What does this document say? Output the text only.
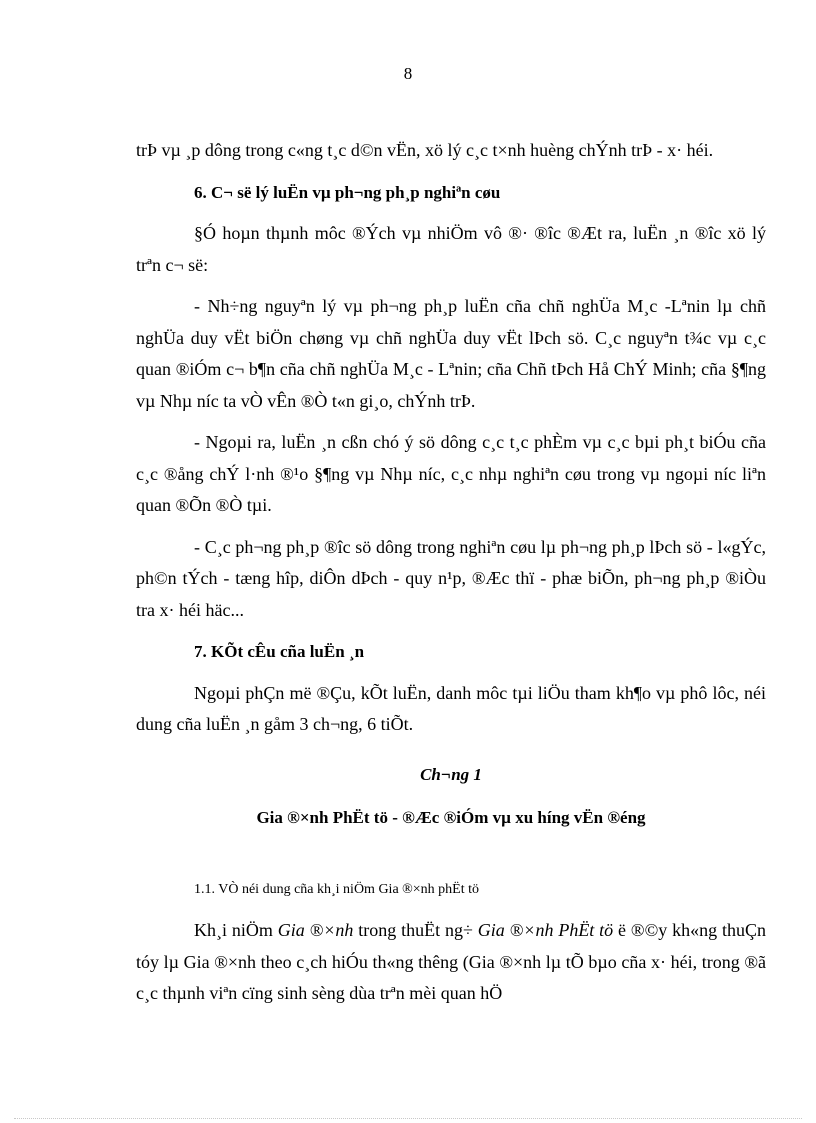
8

trÞ vµ ¸p dông trong c«ng t¸c d©n vËn, xö lý c¸c t×nh huèng chÝnh trÞ - x· héi.

6. C¬ së lý luËn vµ ph¬ng ph¸p nghiªn cøu

§Ó hoµn thµnh môc ®Ých vµ nhiÖm vô ®· ®îc ®Æt ra, luËn ¸n ®îc xö lý trªn c¬ së:

- Nh÷ng nguyªn lý vµ ph¬ng ph¸p luËn cña chñ nghÜa M¸c -Lªnin lµ chñ nghÜa duy vËt biÖn chøng vµ chñ nghÜa duy vËt lÞch sö. C¸c nguyªn t¾c vµ c¸c quan ®iÓm c¬ b¶n cña chñ nghÜa M¸c - Lªnin; cña Chñ tÞch Hå ChÝ Minh; cña §¶ng vµ Nhµ níc ta vÒ vÊn ®Ò t«n gi¸o, chÝnh trÞ.

- Ngoµi ra, luËn ¸n cßn chó ý sö dông c¸c t¸c phÈm vµ c¸c bµi ph¸t biÓu cña c¸c ®ång chÝ l·nh ®¹o §¶ng vµ Nhµ níc, c¸c nhµ nghiªn cøu trong vµ ngoµi níc liªn quan ®Õn ®Ò tµi.

- C¸c ph¬ng ph¸p ®îc sö dông trong nghiªn cøu lµ ph¬ng ph¸p lÞch sö - l«gÝc, ph©n tÝch - tæng hîp, diÔn dÞch - quy n¹p, ®Æc thï - phæ biÕn, ph¬ng ph¸p ®iÒu tra x· héi häc...

7. KÕt cÊu cña luËn ¸n

Ngoµi phÇn më ®Çu, kÕt luËn, danh môc tµi liÖu tham kh¶o vµ phô lôc, néi dung cña luËn ¸n gåm 3 ch¬ng, 6 tiÕt.

Ch¬ng 1

Gia ®×nh PhËt tö - ®Æc ®iÓm vµ xu híng vËn ®éng

1.1. VÒ néi dung cña kh¸i niÖm Gia ®×nh phËt tö

Kh¸i niÖm Gia ®×nh trong thuËt ng÷ Gia ®×nh PhËt tö ë ®©y kh«ng thuÇn tóy lµ Gia ®×nh theo c¸ch hiÓu th«ng thêng (Gia ®×nh lµ tÕ bµo cña x· héi, trong ®ã c¸c thµnh viªn cïng sinh sèng dùa trªn mèi quan hÖ
